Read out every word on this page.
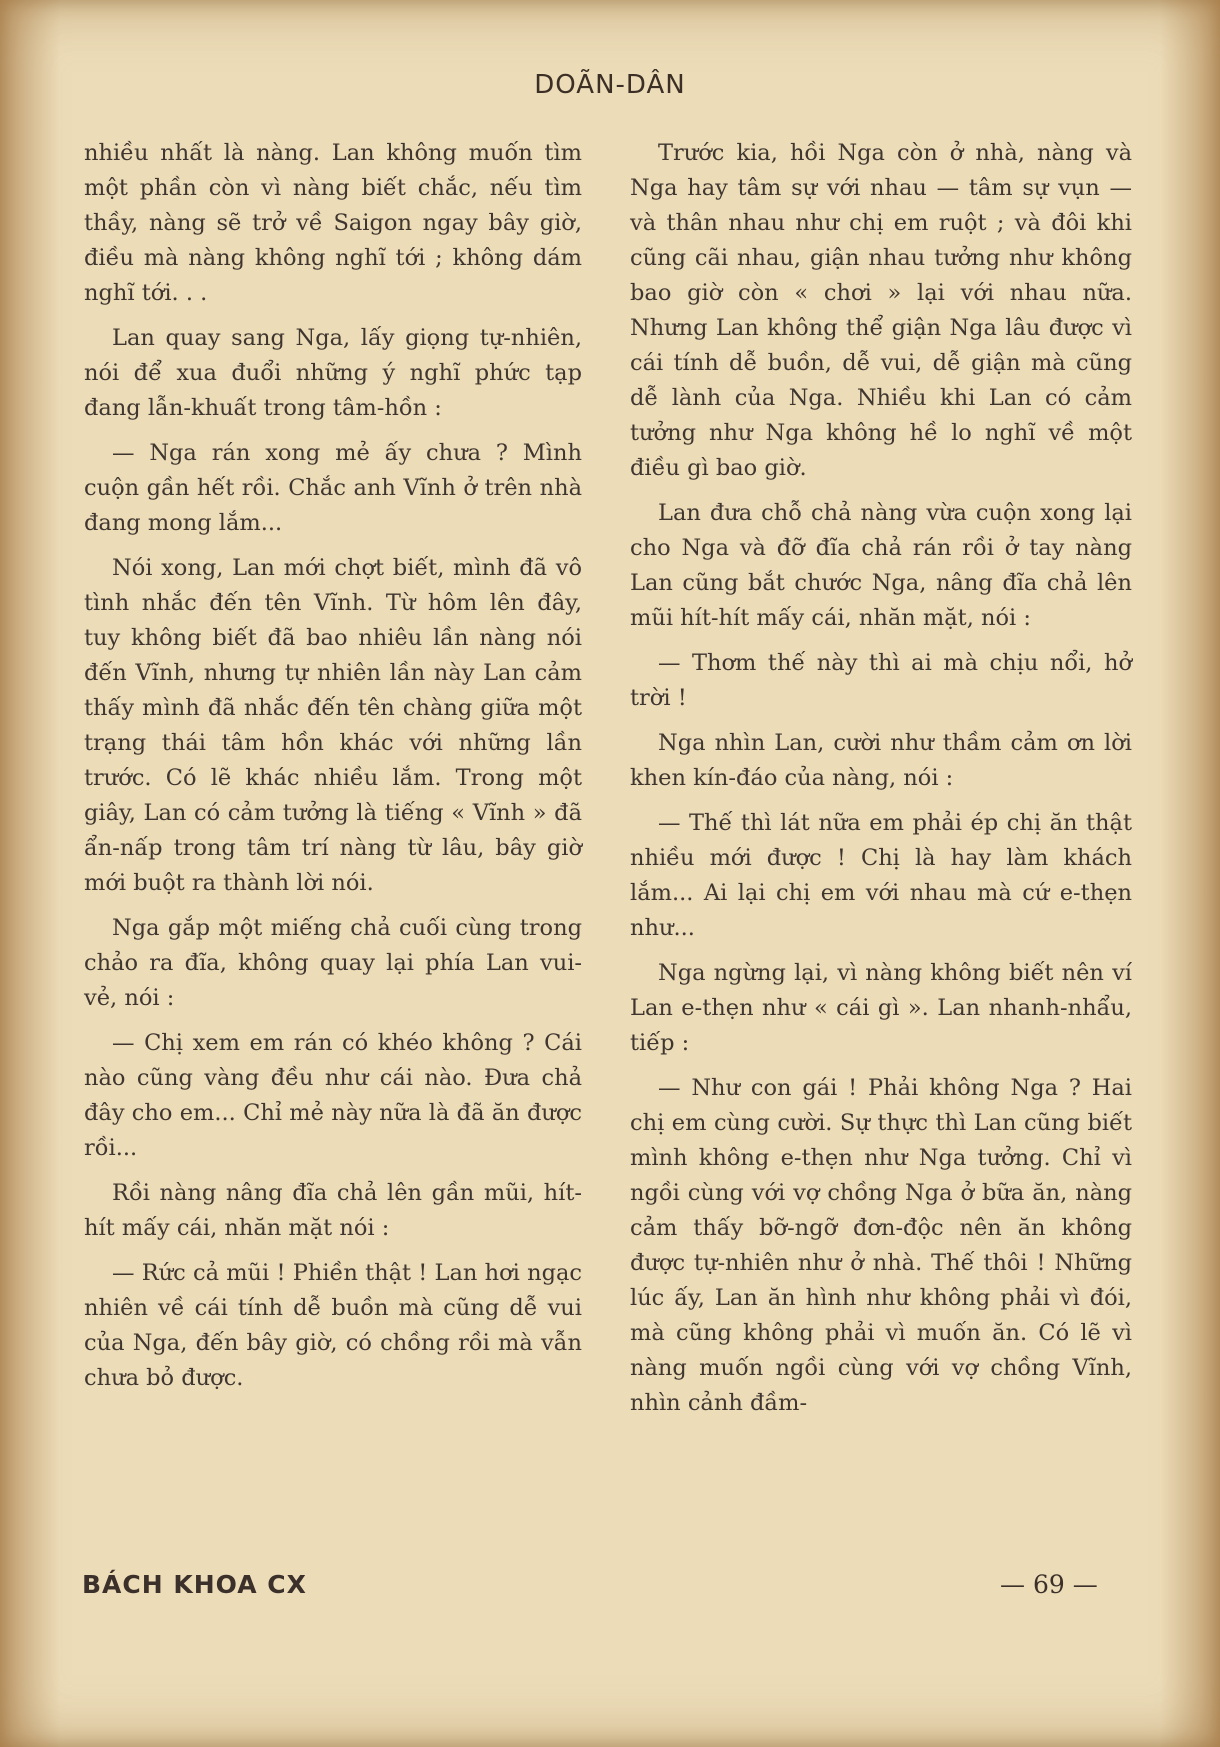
DOÃN-DÂN

nhiều nhất là nàng. Lan không muốn tìm một phần còn vì nàng biết chắc, nếu tìm thầy, nàng sẽ trở về Saigon ngay bây giờ, điều mà nàng không nghĩ tới ; không dám nghĩ tới. . .

Lan quay sang Nga, lấy giọng tự-nhiên, nói để xua đuổi những ý nghĩ phức tạp đang lẫn-khuất trong tâm-hồn :

— Nga rán xong mẻ ấy chưa ? Mình cuộn gần hết rồi. Chắc anh Vĩnh ở trên nhà đang mong lắm...

Nói xong, Lan mới chợt biết, mình đã vô tình nhắc đến tên Vĩnh. Từ hôm lên đây, tuy không biết đã bao nhiêu lần nàng nói đến Vĩnh, nhưng tự nhiên lần này Lan cảm thấy mình đã nhắc đến tên chàng giữa một trạng thái tâm hồn khác với những lần trước. Có lẽ khác nhiều lắm. Trong một giây, Lan có cảm tưởng là tiếng « Vĩnh » đã ẩn-nấp trong tâm trí nàng từ lâu, bây giờ mới buột ra thành lời nói.

Nga gắp một miếng chả cuối cùng trong chảo ra đĩa, không quay lại phía Lan vui-vẻ, nói :

— Chị xem em rán có khéo không ? Cái nào cũng vàng đều như cái nào. Đưa chả đây cho em... Chỉ mẻ này nữa là đã ăn được rồi...

Rồi nàng nâng đĩa chả lên gần mũi, hít-hít mấy cái, nhăn mặt nói :

— Rức cả mũi ! Phiền thật ! Lan hơi ngạc nhiên về cái tính dễ buồn mà cũng dễ vui của Nga, đến bây giờ, có chồng rồi mà vẫn chưa bỏ được.

Trước kia, hồi Nga còn ở nhà, nàng và Nga hay tâm sự với nhau — tâm sự vụn — và thân nhau như chị em ruột ; và đôi khi cũng cãi nhau, giận nhau tưởng như không bao giờ còn « chơi » lại với nhau nữa. Nhưng Lan không thể giận Nga lâu được vì cái tính dễ buồn, dễ vui, dễ giận mà cũng dễ lành của Nga. Nhiều khi Lan có cảm tưởng như Nga không hề lo nghĩ về một điều gì bao giờ.

Lan đưa chỗ chả nàng vừa cuộn xong lại cho Nga và đỡ đĩa chả rán rồi ở tay nàng Lan cũng bắt chước Nga, nâng đĩa chả lên mũi hít-hít mấy cái, nhăn mặt, nói :

— Thơm thế này thì ai mà chịu nổi, hở trời !

Nga nhìn Lan, cười như thầm cảm ơn lời khen kín-đáo của nàng, nói :

— Thế thì lát nữa em phải ép chị ăn thật nhiều mới được ! Chị là hay làm khách lắm... Ai lại chị em với nhau mà cứ e-thẹn như...

Nga ngừng lại, vì nàng không biết nên ví Lan e-thẹn như « cái gì ». Lan nhanh-nhẩu, tiếp :

— Như con gái ! Phải không Nga ? Hai chị em cùng cười. Sự thực thì Lan cũng biết mình không e-thẹn như Nga tưởng. Chỉ vì ngồi cùng với vợ chồng Nga ở bữa ăn, nàng cảm thấy bỡ-ngỡ đơn-độc nên ăn không được tự-nhiên như ở nhà. Thế thôi ! Những lúc ấy, Lan ăn hình như không phải vì đói, mà cũng không phải vì muốn ăn. Có lẽ vì nàng muốn ngồi cùng với vợ chồng Vĩnh, nhìn cảnh đầm-

BÁCH KHOA CX	— 69 —
